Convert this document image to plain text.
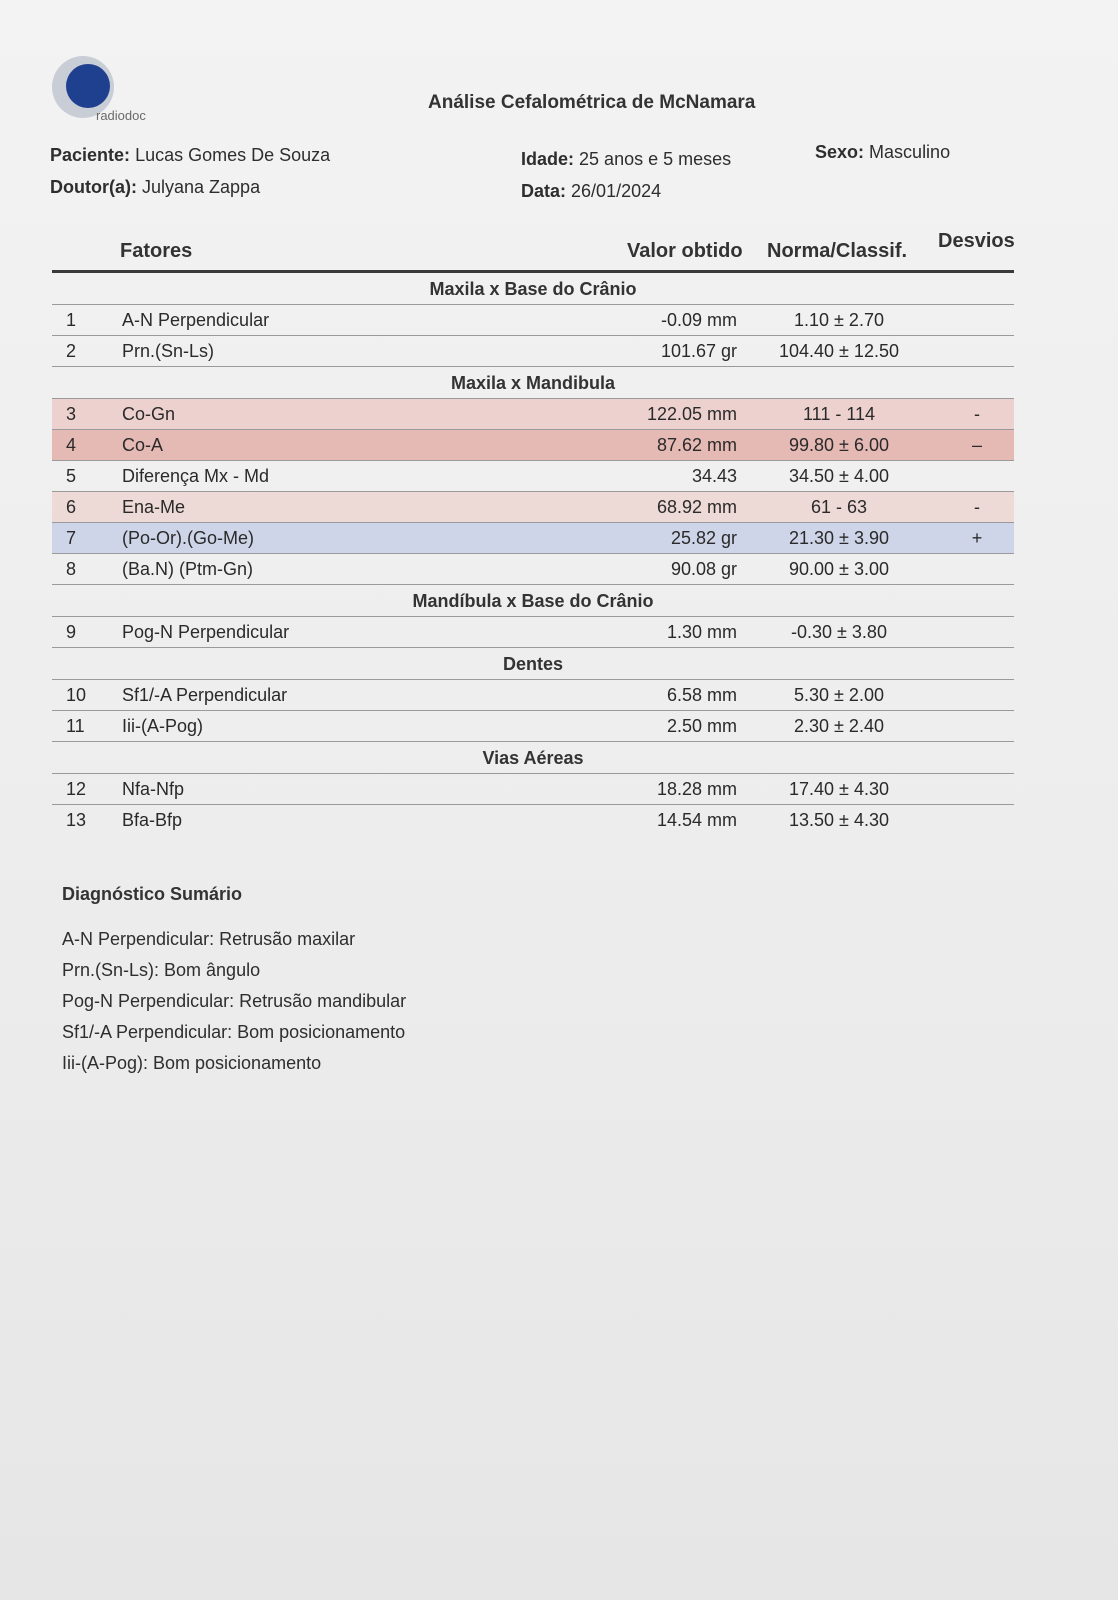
radiodoc
Análise Cefalométrica de McNamara
Paciente: Lucas Gomes De Souza
Doutor(a): Julyana Zappa
Idade: 25 anos e 5 meses
Data: 26/01/2024
Sexo: Masculino
Fatores	Valor obtido Norma/Classif. Desvios
Maxila x Base do Crânio
1	A-N Perpendicular	-0.09 mm	1.10 ± 2.70
2	Prn.(Sn-Ls)	101.67 gr	104.40 ± 12.50
Maxila x Mandibula
3	Co-Gn	122.05 mm	111 - 114	-
4	Co-A	87.62 mm	99.80 ± 6.00	–
5	Diferença Mx - Md	34.43	34.50 ± 4.00
6	Ena-Me	68.92 mm	61 - 63	-
7	(Po-Or).(Go-Me)	25.82 gr	21.30 ± 3.90	+
8	(Ba.N) (Ptm-Gn)	90.08 gr	90.00 ± 3.00
Mandíbula x Base do Crânio
9	Pog-N Perpendicular	1.30 mm	-0.30 ± 3.80
Dentes
10 Sf1/-A Perpendicular	6.58 mm	5.30 ± 2.00
11 Iii-(A-Pog)	2.50 mm	2.30 ± 2.40
Vias Aéreas
12 Nfa-Nfp	18.28 mm	17.40 ± 4.30
13 Bfa-Bfp	14.54 mm	13.50 ± 4.30
Diagnóstico Sumário
A-N Perpendicular: Retrusão maxilar
Prn.(Sn-Ls): Bom ângulo
Pog-N Perpendicular: Retrusão mandibular
Sf1/-A Perpendicular: Bom posicionamento
Iii-(A-Pog): Bom posicionamento
